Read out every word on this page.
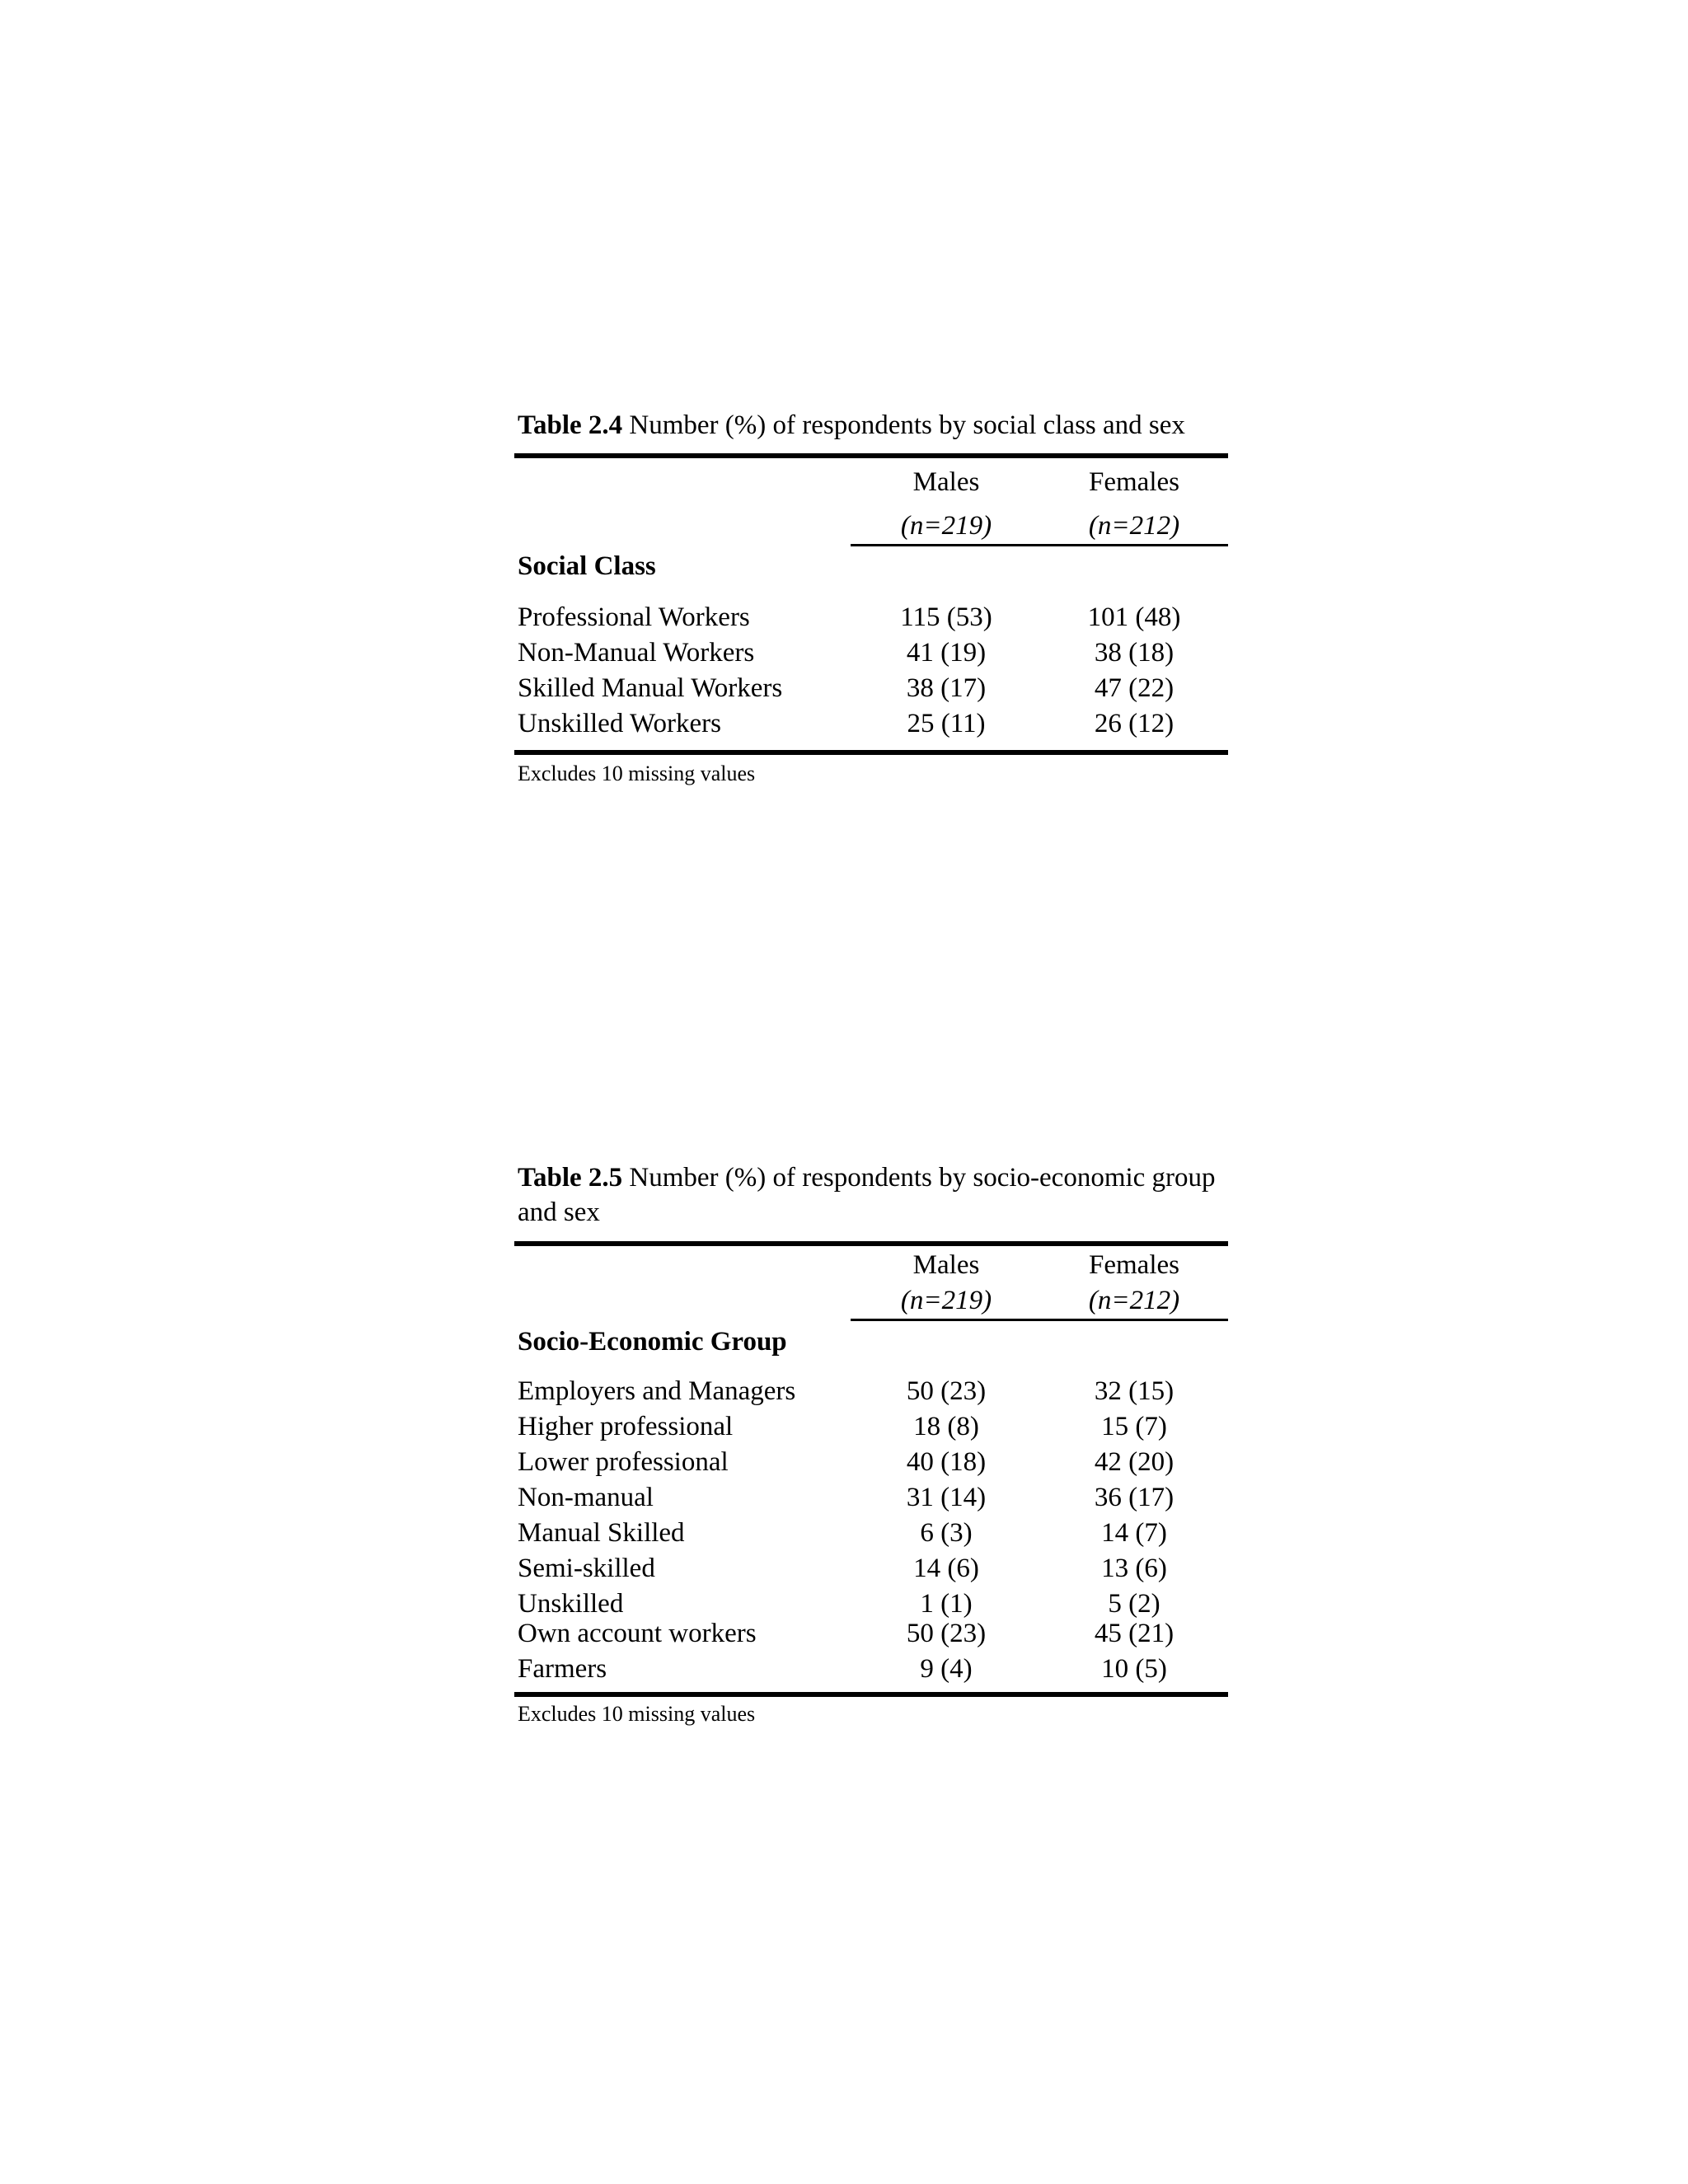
Table 2.4 Number (%) of respondents by social class and sex
Males	Females
(n=219)	(n=212)
Social Class
Professional Workers	115 (53)	101 (48)
Non-Manual Workers	41 (19)	38 (18)
Skilled Manual Workers	38 (17)	47 (22)
Unskilled Workers	25 (11)	26 (12)
Excludes 10 missing values
Table 2.5 Number (%) of respondents by socio-economic group and sex
Males	Females
(n=219)	(n=212)
Socio-Economic Group
Employers and Managers	50 (23)	32 (15)
Higher professional	18 (8)	15 (7)
Lower professional	40 (18)	42 (20)
Non-manual	31 (14)	36 (17)
Manual Skilled	6 (3)	14 (7)
Semi-skilled	14 (6)	13 (6)
Unskilled	1 (1)	5 (2)
Own account workers	50 (23)	45 (21)
Farmers	9 (4)	10 (5)
Excludes 10 missing values
